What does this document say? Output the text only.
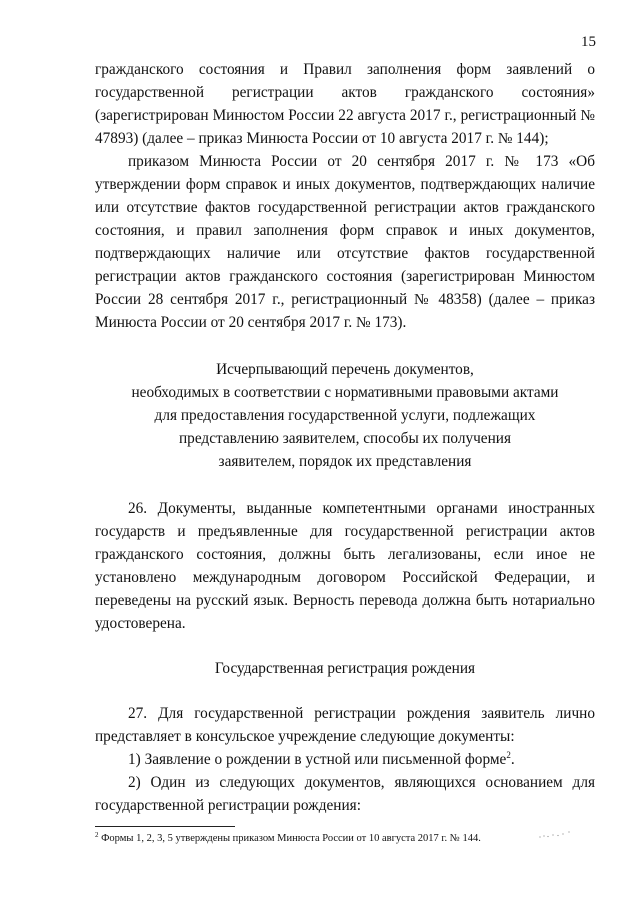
15

гражданского состояния и Правил заполнения форм заявлений о государственной регистрации актов гражданского состояния» (зарегистрирован Минюстом России 22 августа 2017 г., регистрационный № 47893) (далее – приказ Минюста России от 10 августа 2017 г. № 144);

приказом Минюста России от 20 сентября 2017 г. № 173 «Об утверждении форм справок и иных документов, подтверждающих наличие или отсутствие фактов государственной регистрации актов гражданского состояния, и правил заполнения форм справок и иных документов, подтверждающих наличие или отсутствие фактов государственной регистрации актов гражданского состояния (зарегистрирован Минюстом России 28 сентября 2017 г., регистрационный № 48358) (далее – приказ Минюста России от 20 сентября 2017 г. № 173).

Исчерпывающий перечень документов,

необходимых в соответствии с нормативными правовыми актами

для предоставления государственной услуги, подлежащих

представлению заявителем, способы их получения

заявителем, порядок их представления

26. Документы, выданные компетентными органами иностранных государств и предъявленные для государственной регистрации актов гражданского состояния, должны быть легализованы, если иное не установлено международным договором Российской Федерации, и переведены на русский язык. Верность перевода должна быть нотариально удостоверена.

Государственная регистрация рождения

27. Для государственной регистрации рождения заявитель лично представляет в консульское учреждение следующие документы:

1) Заявление о рождении в устной или письменной форме$^2$.

2) Один из следующих документов, являющихся основанием для государственной регистрации рождения:

$^2$ Формы 1, 2, 3, 5 утверждены приказом Минюста России от 10 августа 2017 г. № 144.
